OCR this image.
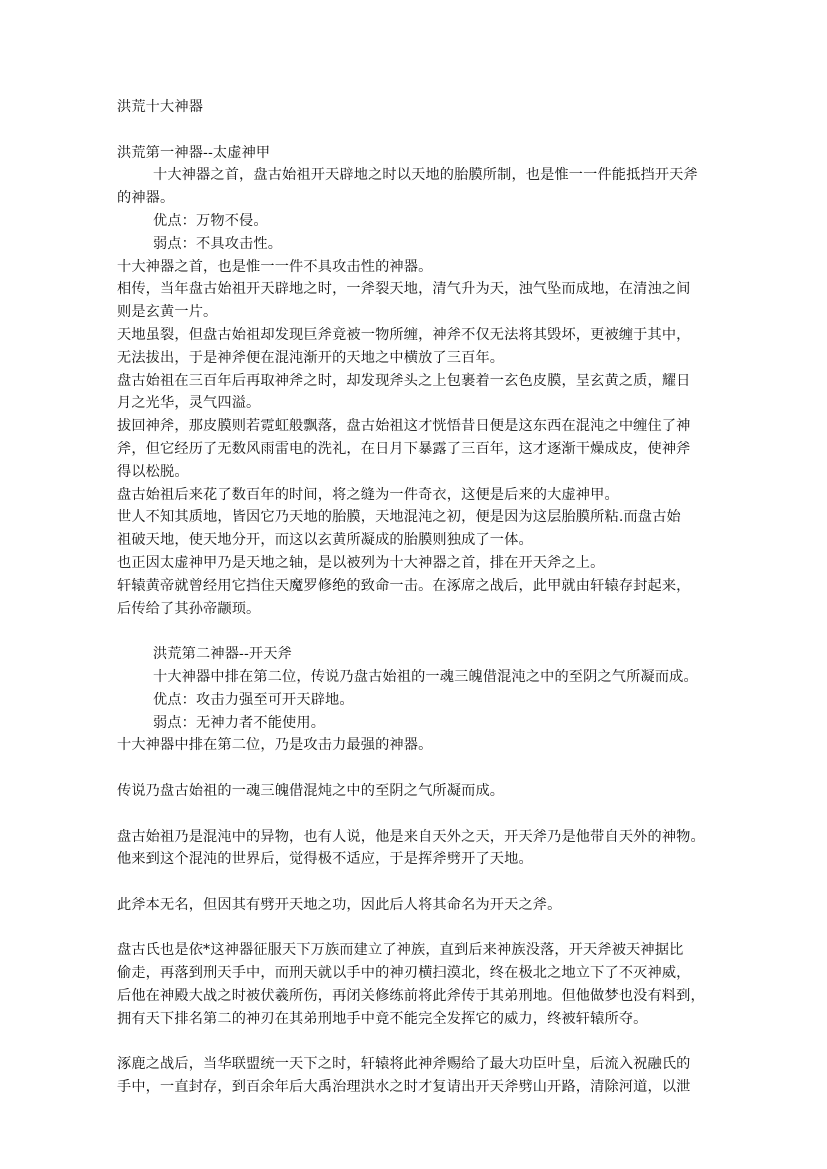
洪荒十大神器
洪荒第一神器--太虚神甲
十大神器之首，盘古始祖开天辟地之时以天地的胎膜所制，也是惟一一件能抵挡开天斧
的神器。
优点：万物不侵。
弱点：不具攻击性。
十大神器之首，也是惟一一件不具攻击性的神器。
相传，当年盘古始祖开天辟地之时，一斧裂天地，清气升为天，浊气坠而成地，在清浊之间
则是玄黄一片。
天地虽裂，但盘古始祖却发现巨斧竟被一物所缠，神斧不仅无法将其毁坏，更被缠于其中，
无法拔出，于是神斧便在混沌渐开的天地之中横放了三百年。
盘古始祖在三百年后再取神斧之时，却发现斧头之上包裹着一玄色皮膜，呈玄黄之质，耀日
月之光华，灵气四溢。
拔回神斧，那皮膜则若霓虹般飘落，盘古始祖这才恍悟昔日便是这东西在混沌之中缠住了神
斧，但它经历了无数风雨雷电的洗礼，在日月下暴露了三百年，这才逐渐干燥成皮，使神斧
得以松脱。
盘古始祖后来花了数百年的时间，将之缝为一件奇衣，这便是后来的大虚神甲。
世人不知其质地，皆因它乃天地的胎膜，天地混沌之初，便是因为这层胎膜所粘.而盘古始
祖破天地，使天地分开，而这以玄黄所凝成的胎膜则独成了一体。
也正因太虚神甲乃是天地之轴，是以被列为十大神器之首，排在开天斧之上。
轩辕黄帝就曾经用它挡住天魔罗修绝的致命一击。在涿席之战后，此甲就由轩辕存封起来，
后传给了其孙帝颛顼。
洪荒第二神器--开天斧
十大神器中排在第二位，传说乃盘古始祖的一魂三魄借混沌之中的至阴之气所凝而成。
优点：攻击力强至可开天辟地。
弱点：无神力者不能使用。
十大神器中排在第二位，乃是攻击力最强的神器。
传说乃盘古始祖的一魂三魄借混炖之中的至阴之气所凝而成。
盘古始祖乃是混沌中的异物，也有人说，他是来自天外之天，开天斧乃是他带自天外的神物。
他来到这个混沌的世界后，觉得极不适应，于是挥斧劈开了天地。
此斧本无名，但因其有劈开天地之功，因此后人将其命名为开天之斧。
盘古氏也是依*这神器征服天下万族而建立了神族，直到后来神族没落，开天斧被天神据比
偷走，再落到刑天手中，而刑天就以手中的神刃横扫漠北，终在极北之地立下了不灭神威，
后他在神殿大战之时被伏羲所伤，再闭关修练前将此斧传于其弟刑地。但他做梦也没有料到，
拥有天下排名第二的神刃在其弟刑地手中竟不能完全发挥它的威力，终被轩辕所夺。
涿鹿之战后，当华联盟统一天下之时，轩辕将此神斧赐给了最大功臣叶皇，后流入祝融氏的
手中，一直封存，到百余年后大禹治理洪水之时才复请出开天斧劈山开路，清除河道，以泄
